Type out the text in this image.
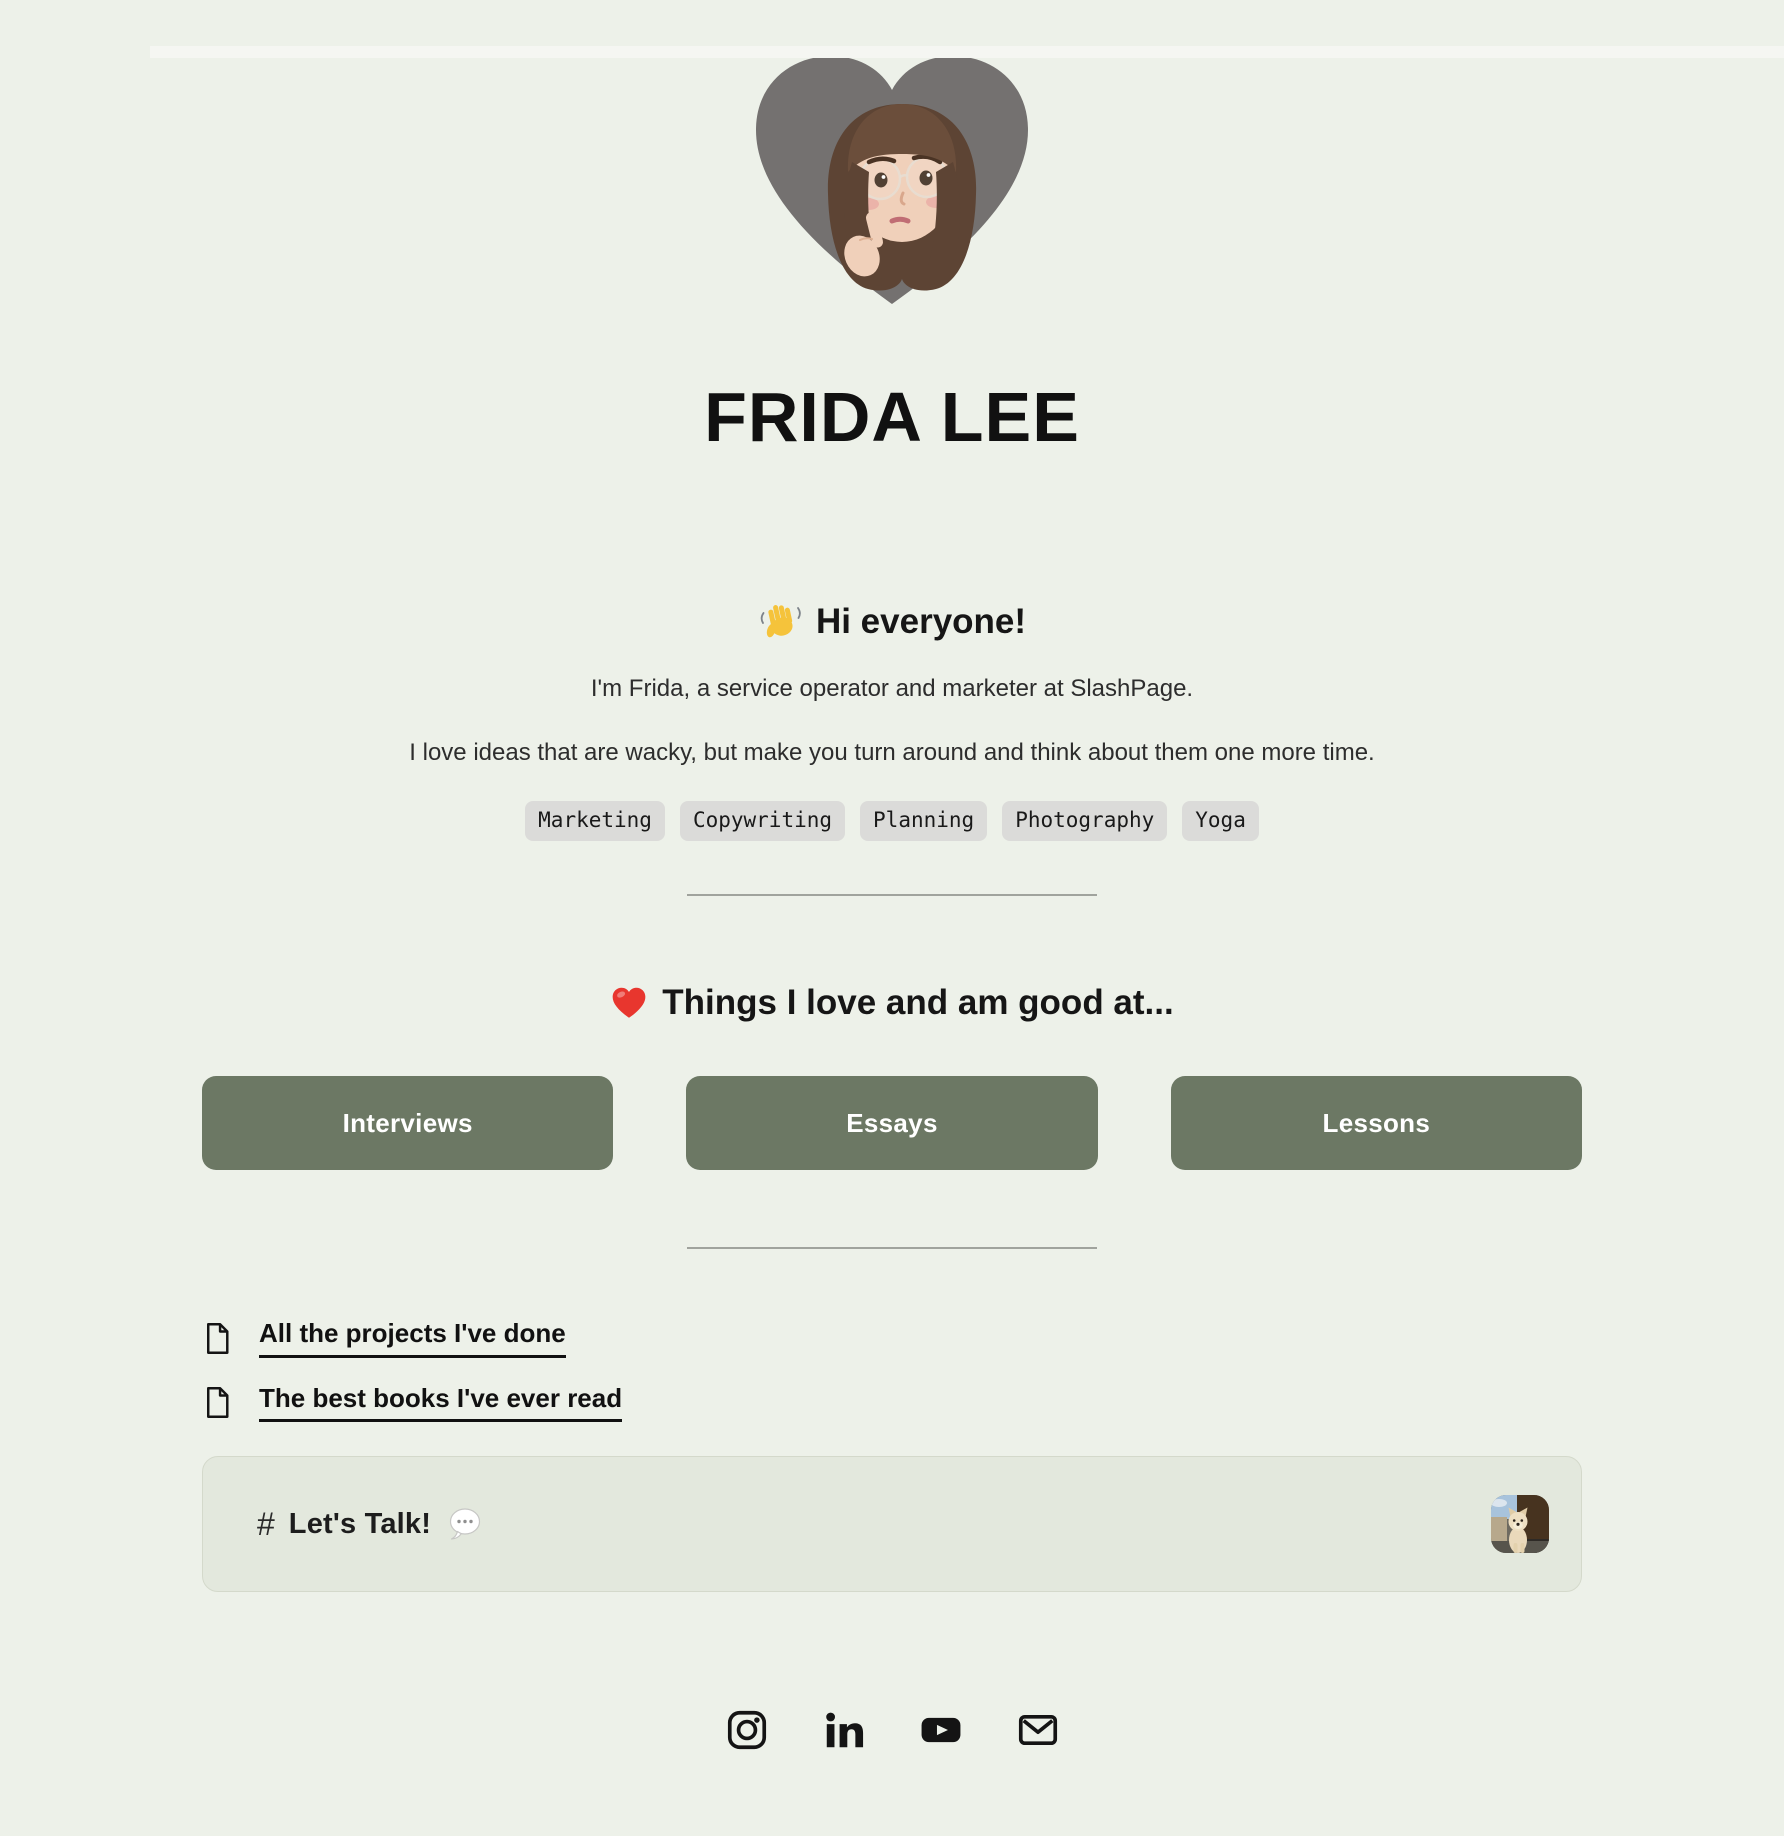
FRIDA LEE
Hi everyone!

I'm Frida, a service operator and marketer at SlashPage.

I love ideas that are wacky, but make you turn around and think about them one more time.

Marketing	Copywriting	Planning	Photography	Yoga
Things I love and am good at...
Interviews	Essays	Lessons
All the projects I've done
The best books I've ever read
# Let's Talk!
